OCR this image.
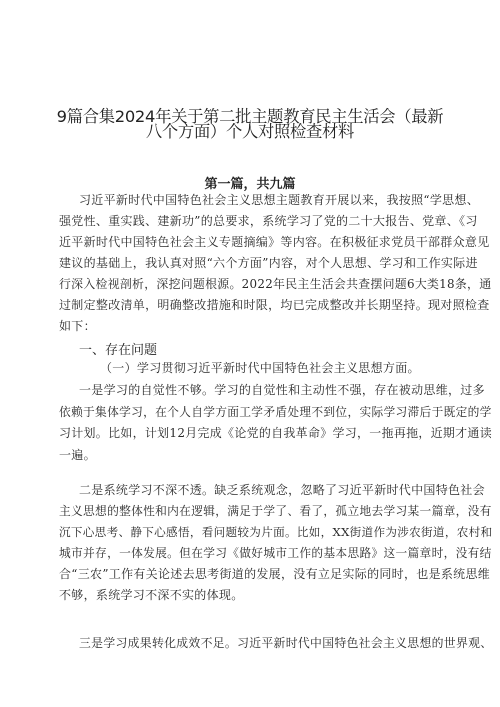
9篇合集2024年关于第二批主题教育民主生活会（最新
八个方面）个人对照检查材料
第一篇，共九篇
习近平新时代中国特色社会主义思想主题教育开展以来，我按照“学思想、
强党性、重实践、建新功”的总要求，系统学习了党的二十大报告、党章、《习
近平新时代中国特色社会主义专题摘编》等内容。在积极征求党员干部群众意见
建议的基础上，我认真对照“六个方面”内容，对个人思想、学习和工作实际进
行深入检视剖析，深挖问题根源。2022年民主生活会共查摆问题6大类18条，通
过制定整改清单，明确整改措施和时限，均已完成整改并长期坚持。现对照检查
如下：
一、存在问题
（一）学习贯彻习近平新时代中国特色社会主义思想方面。
一是学习的自觉性不够。学习的自觉性和主动性不强，存在被动思维，过多
依赖于集体学习，在个人自学方面工学矛盾处理不到位，实际学习滞后于既定的学
习计划。比如，计划12月完成《论党的自我革命》学习，一拖再拖，近期才通读
一遍。
二是系统学习不深不透。缺乏系统观念，忽略了习近平新时代中国特色社会
主义思想的整体性和内在逻辑，满足于学了、看了，孤立地去学习某一篇章，没有
沉下心思考、静下心感悟，看问题较为片面。比如，XX街道作为涉农街道，农村和
城市并存，一体发展。但在学习《做好城市工作的基本思路》这一篇章时，没有结
合“三农”工作有关论述去思考街道的发展，没有立足实际的同时，也是系统思维
不够，系统学习不深不实的体现。
三是学习成果转化成效不足。习近平新时代中国特色社会主义思想的世界观、
